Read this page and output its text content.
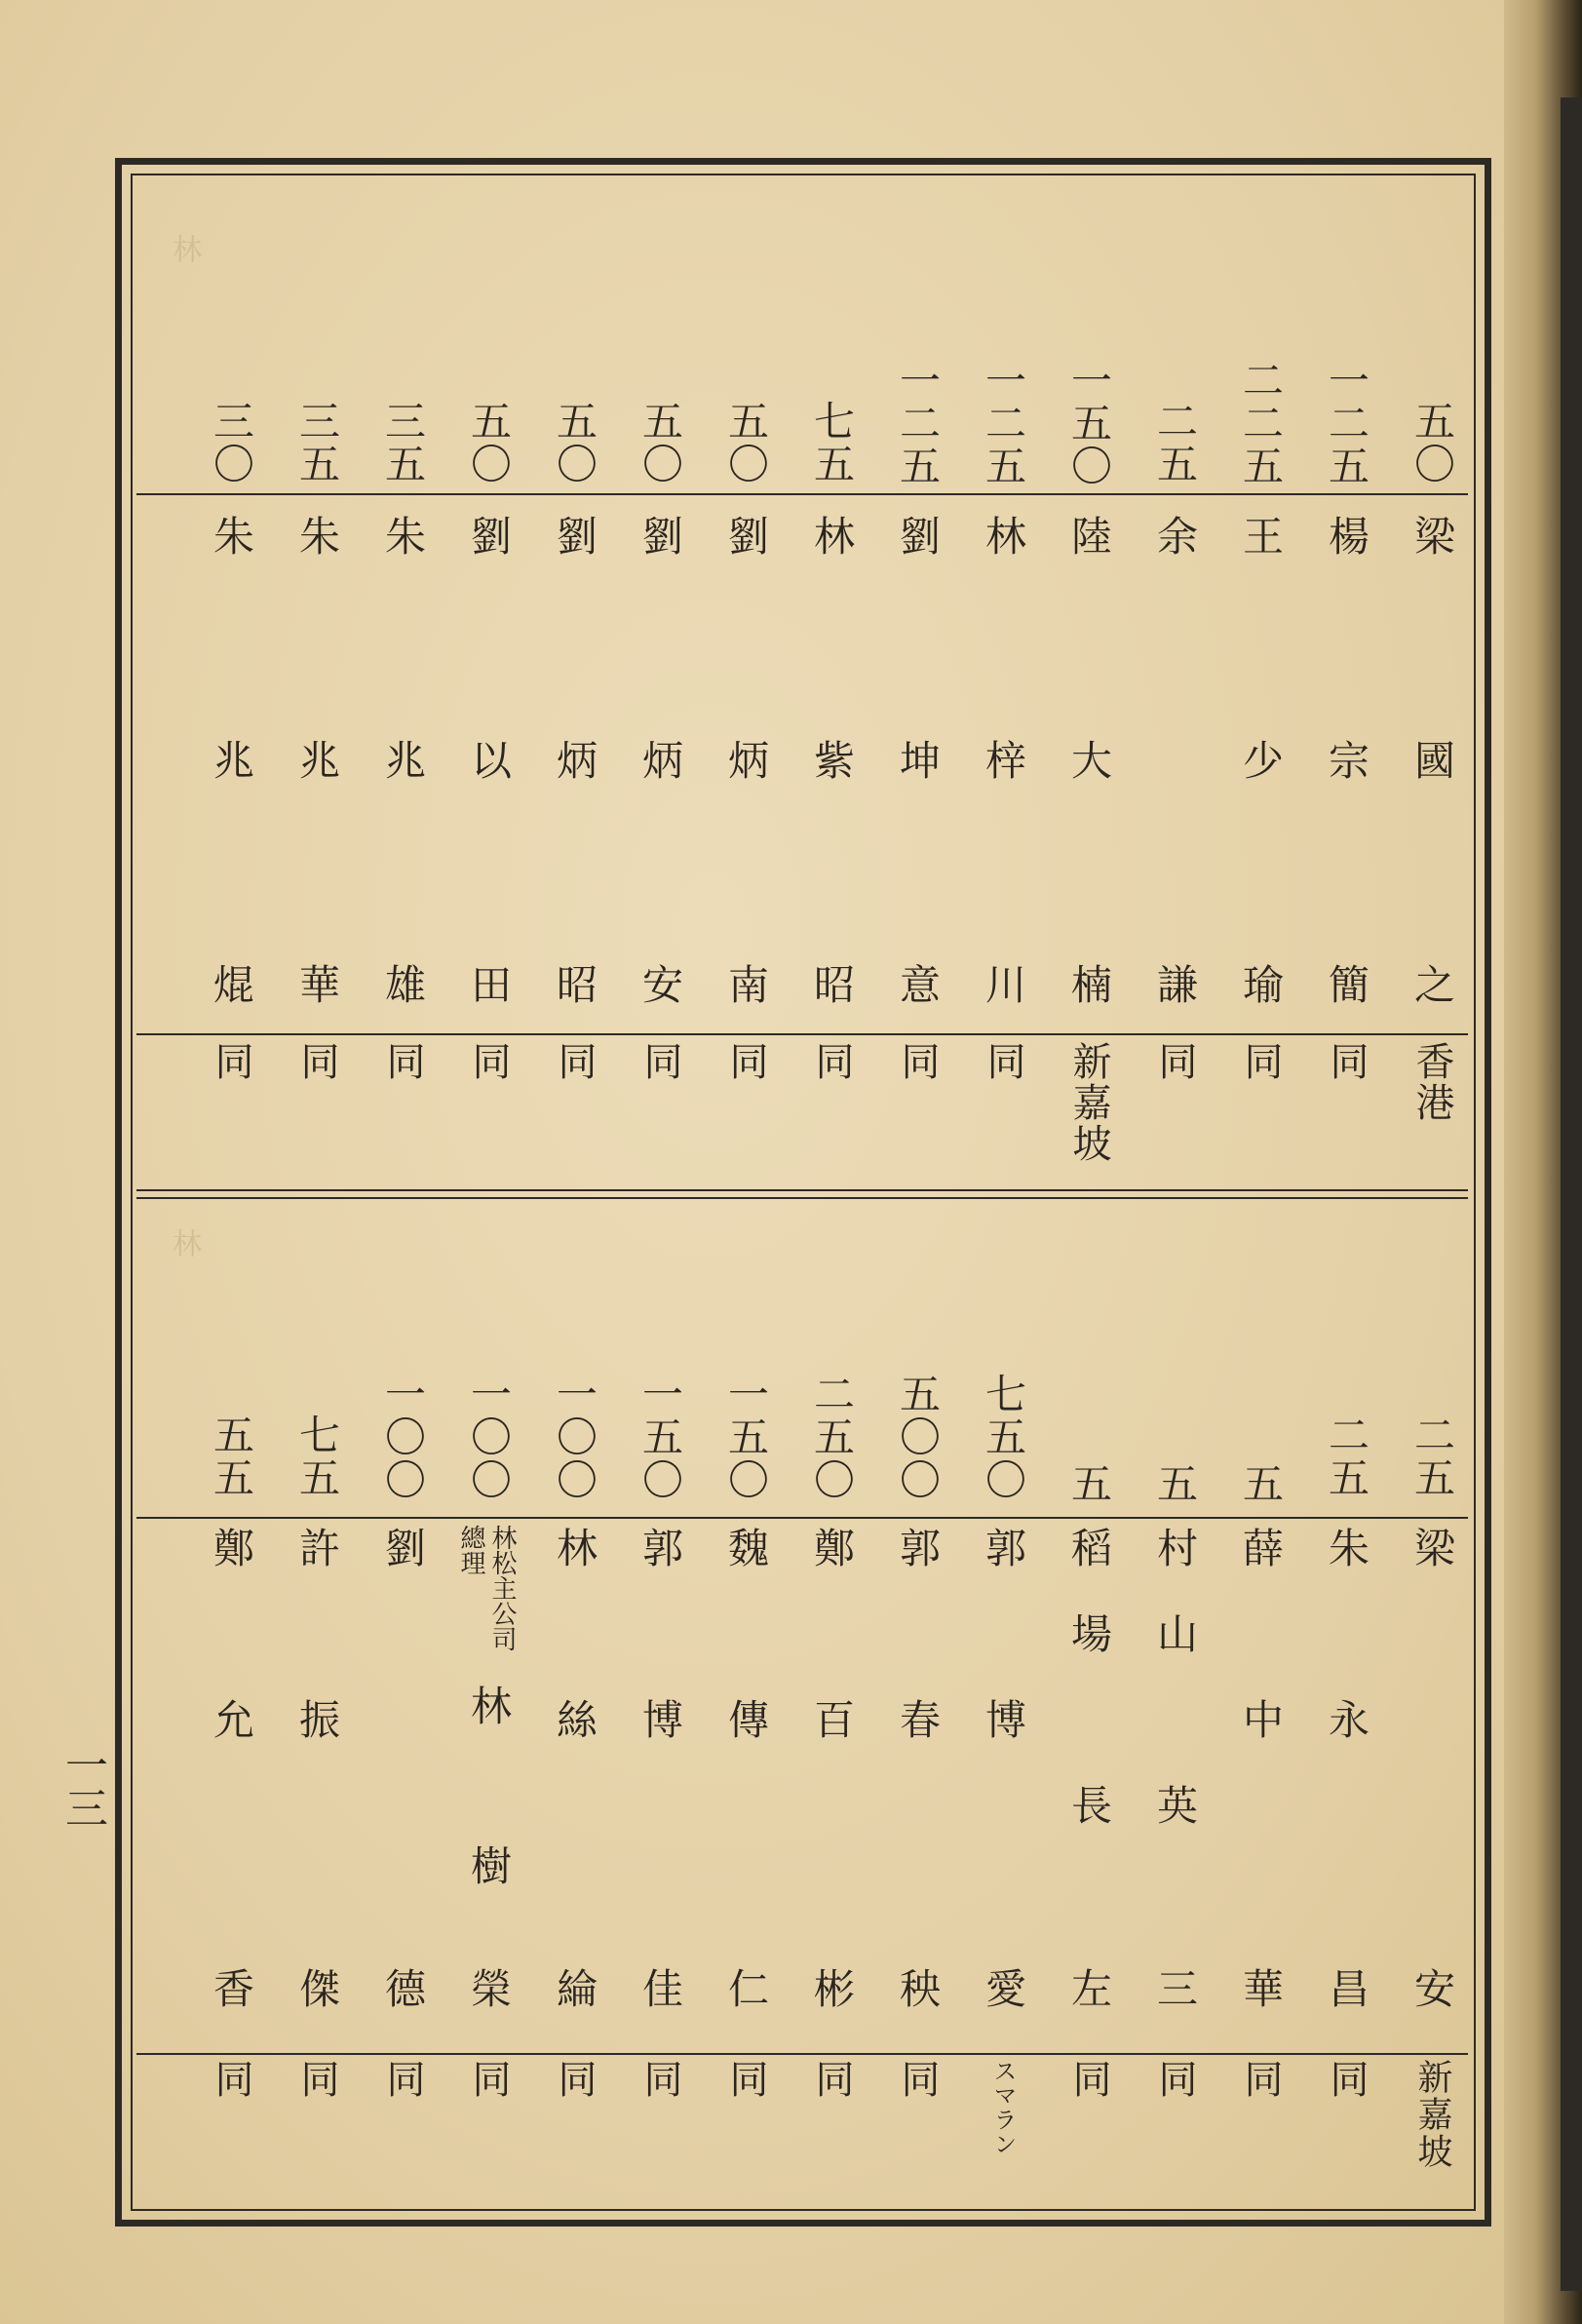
林
林
一三
五〇
梁
國
之
香港
一二五
楊
宗
簡
同
二二五
王
少
瑜
同
二五
余
謙
同
一五〇
陸
大
楠
新嘉坡
一二五
林
梓
川
同
一二五
劉
坤
意
同
七五
林
紫
昭
同
五〇
劉
炳
南
同
五〇
劉
炳
安
同
五〇
劉
炳
昭
同
五〇
劉
以
田
同
三五
朱
兆
雄
同
三五
朱
兆
華
同
三〇
朱
兆
焜
同
二五
梁
安
新嘉坡
二五
朱
永
昌
同
五
薛
中
華
同
五
村
山
英
三
同
五
稻
場
長
左
同
七五〇
郭
博
愛
スマラン
五〇〇
郭
春
秧
同
二五〇
鄭
百
彬
同
一五〇
魏
傳
仁
同
一五〇
郭
博
佳
同
一〇〇
林
絲
綸
同
一〇〇
林松主公司
總理
林
樹
榮
同
一〇〇
劉
德
同
七五
許
振
傑
同
五五
鄭
允
香
同
